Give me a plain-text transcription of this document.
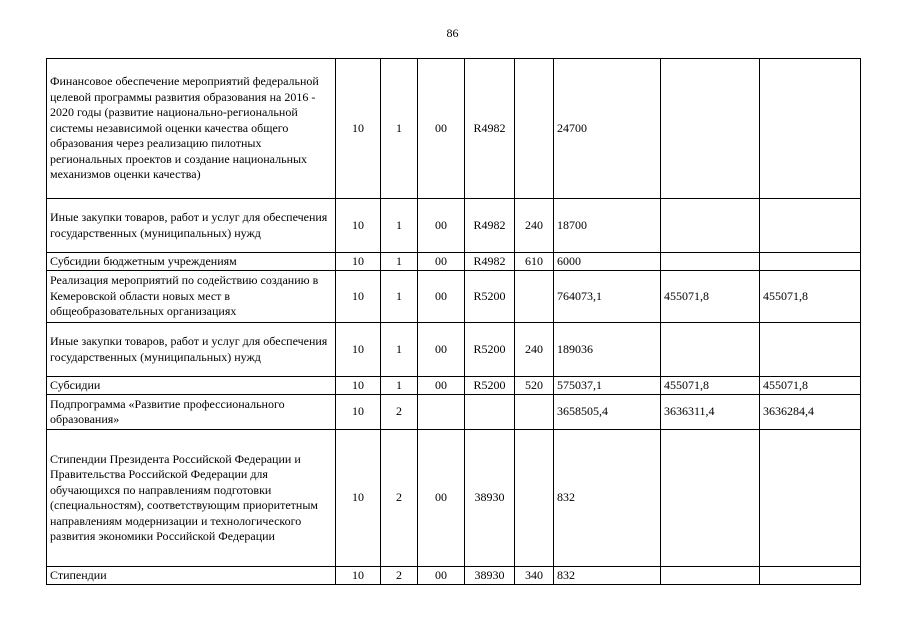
86
Финансовое обеспечение мероприятий федеральной целевой программы развития образования на 2016 - 2020 годы (развитие национально-региональной системы независимой оценки качества общего образования через реализацию пилотных региональных проектов и создание национальных механизмов оценки качества)	10	1	00	R4982		24700		
Иные закупки товаров, работ и услуг для обеспечения государственных (муниципальных) нужд	10	1	00	R4982	240	18700		
Субсидии бюджетным учреждениям	10	1	00	R4982	610	6000		
Реализация мероприятий по содействию созданию в Кемеровской области новых мест в общеобразовательных организациях	10	1	00	R5200		764073,1	455071,8	455071,8
Иные закупки товаров, работ и услуг для обеспечения государственных (муниципальных) нужд	10	1	00	R5200	240	189036		
Субсидии	10	1	00	R5200	520	575037,1	455071,8	455071,8
Подпрограмма «Развитие профессионального образования»	10	2				3658505,4	3636311,4	3636284,4
Стипендии Президента Российской Федерации и Правительства Российской Федерации для обучающихся по направлениям подготовки (специальностям), соответствующим приоритетным направлениям модернизации и технологического развития экономики Российской Федерации	10	2	00	38930		832		
Стипендии	10	2	00	38930	340	832		
